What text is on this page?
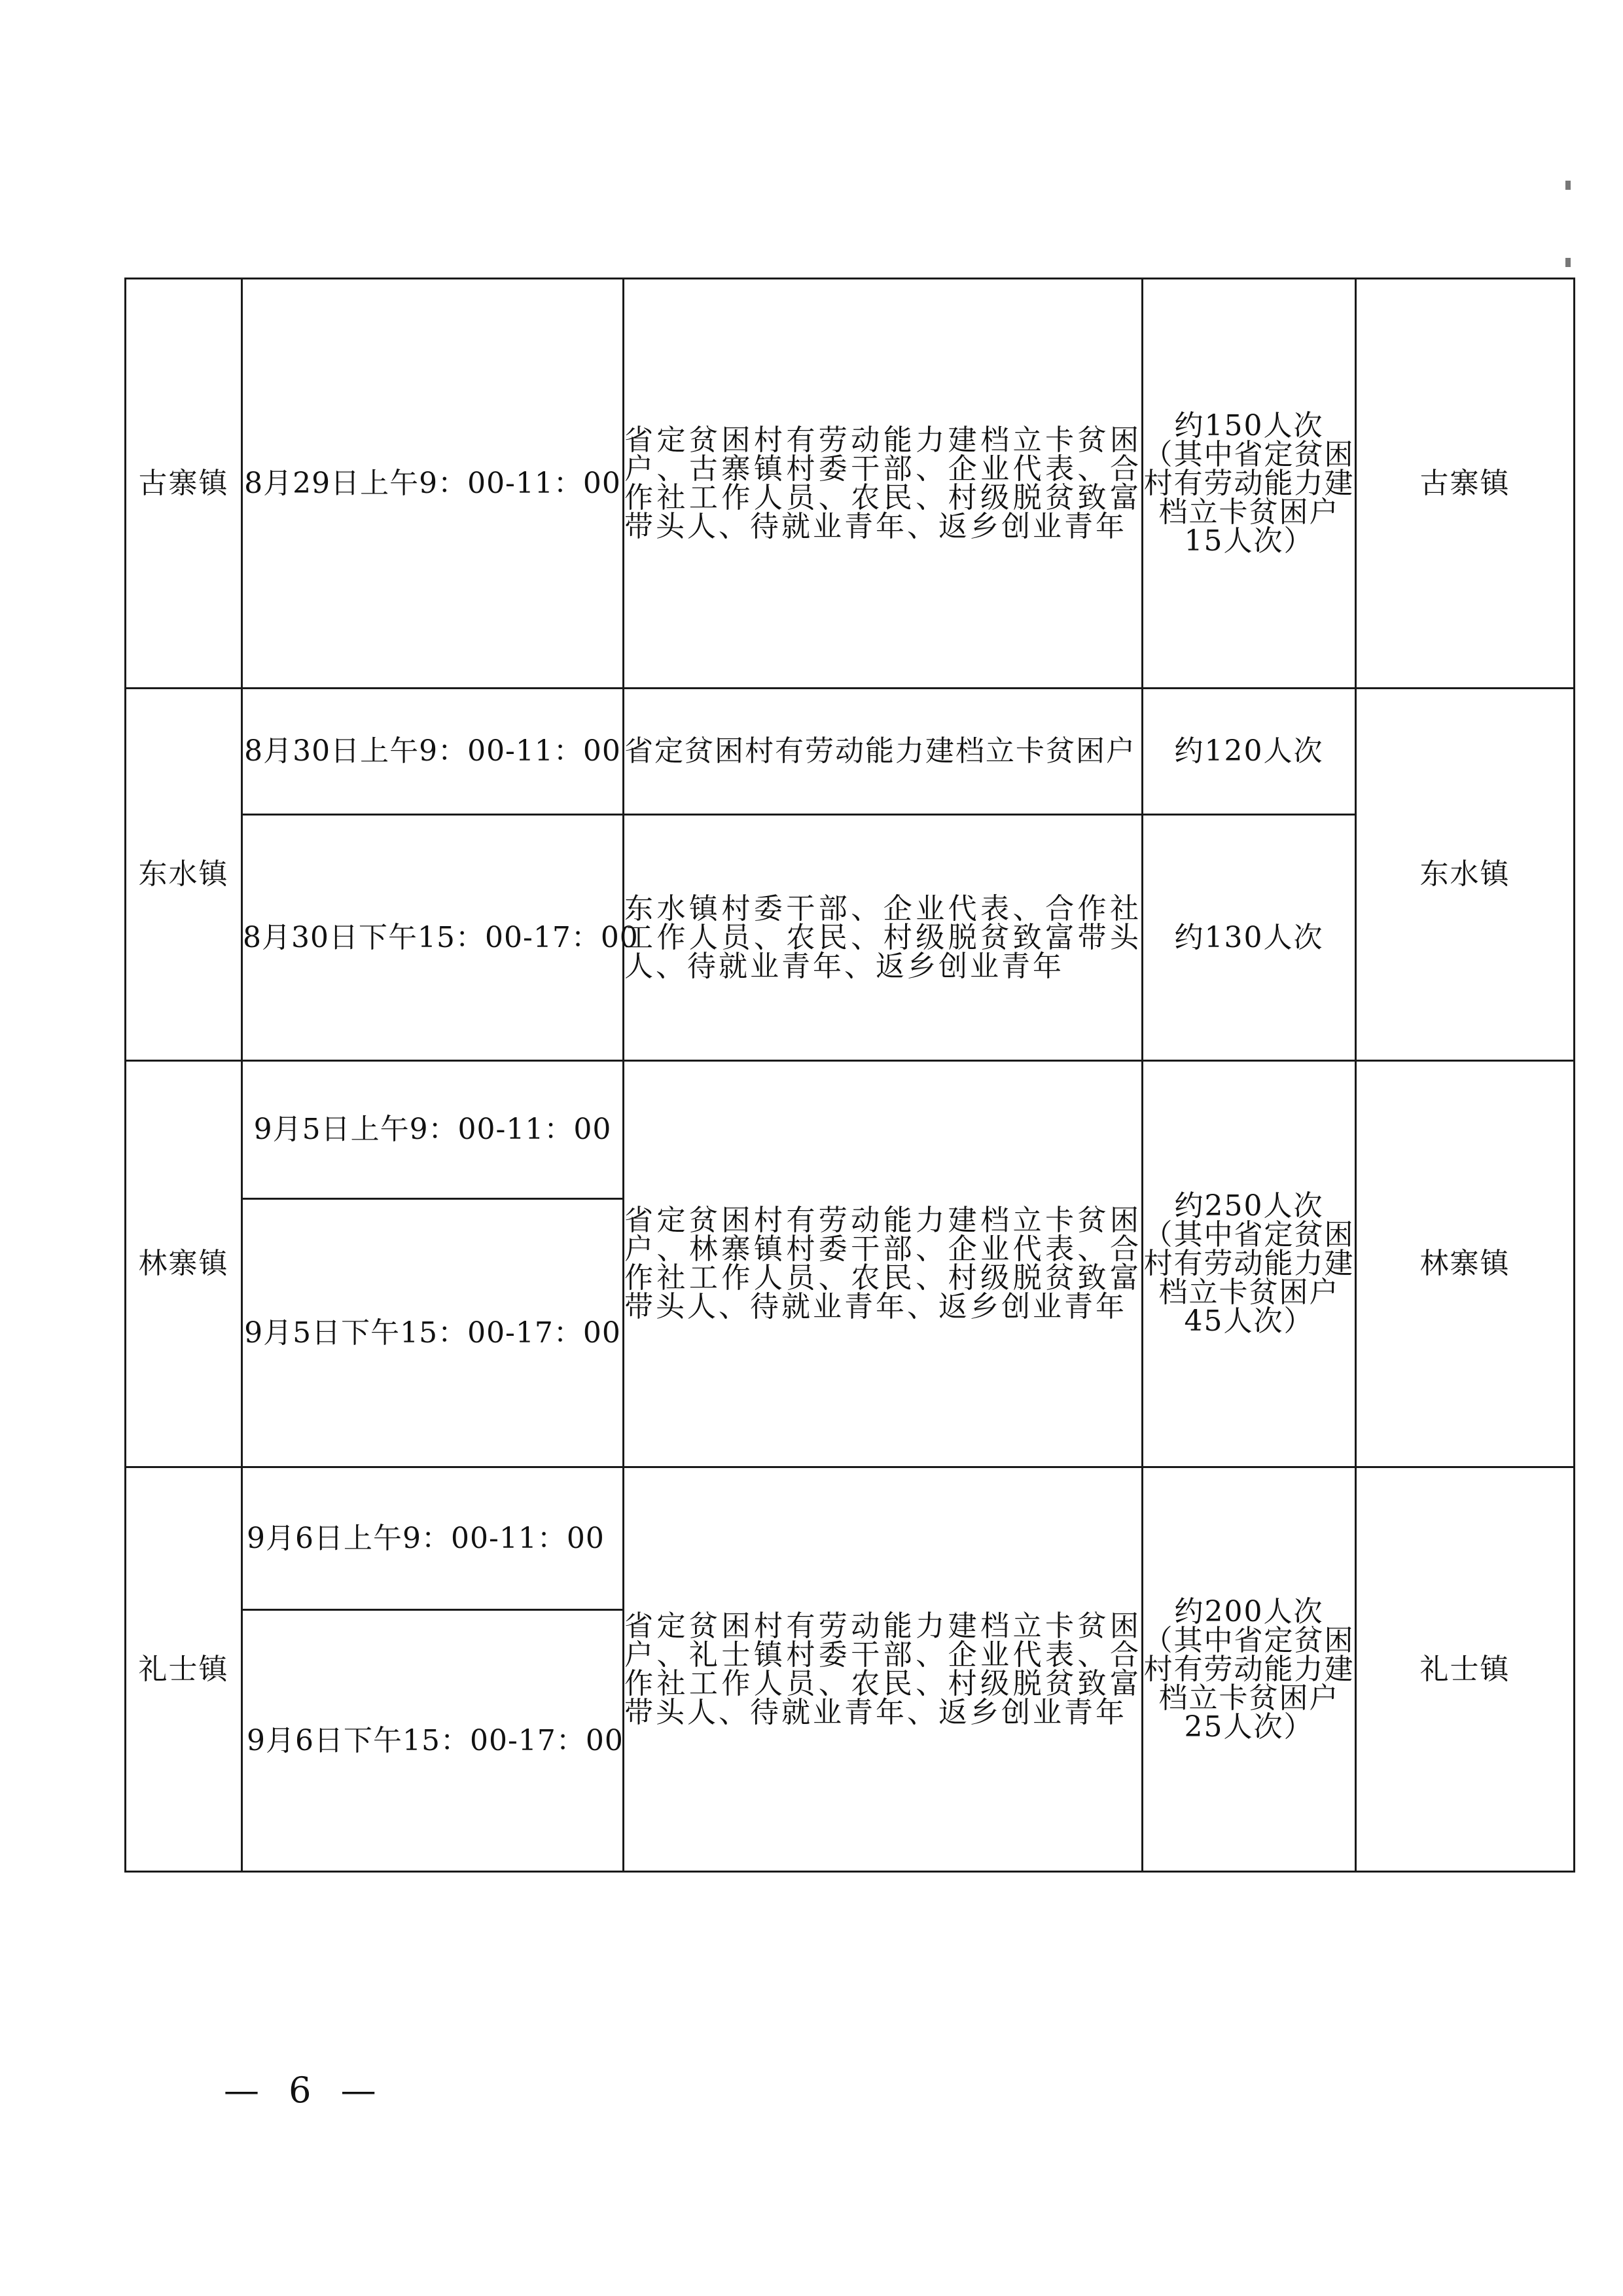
古寨镇	8月29日上午9：00-11：00	省定贫困村有劳动能力建档立卡贫困户、古寨镇村委干部、企业代表、合作社工作人员、农民、村级脱贫致富带头人、待就业青年、返乡创业青年	约150人次
（其中省定贫困
村有劳动能力建
档立卡贫困户
15人次）	古寨镇
东水镇	8月30日上午9：00-11：00	省定贫困村有劳动能力建档立卡贫困户	约120人次	东水镇
	8月30日下午15：00-17：00	东水镇村委干部、企业代表、合作社工作人员、农民、村级脱贫致富带头人、待就业青年、返乡创业青年	约130人次	
林寨镇	9月5日上午9：00-11：00	省定贫困村有劳动能力建档立卡贫困户、林寨镇村委干部、企业代表、合作社工作人员、农民、村级脱贫致富带头人、待就业青年、返乡创业青年	约250人次
（其中省定贫困
村有劳动能力建
档立卡贫困户
45人次）	林寨镇
	9月5日下午15：00-17：00			
礼士镇	9月6日上午9：00-11：00	省定贫困村有劳动能力建档立卡贫困户、礼士镇村委干部、企业代表、合作社工作人员、农民、村级脱贫致富带头人、待就业青年、返乡创业青年	约200人次
（其中省定贫困
村有劳动能力建
档立卡贫困户
25人次）	礼士镇
	9月6日下午15：00-17：00			
— 6 —
